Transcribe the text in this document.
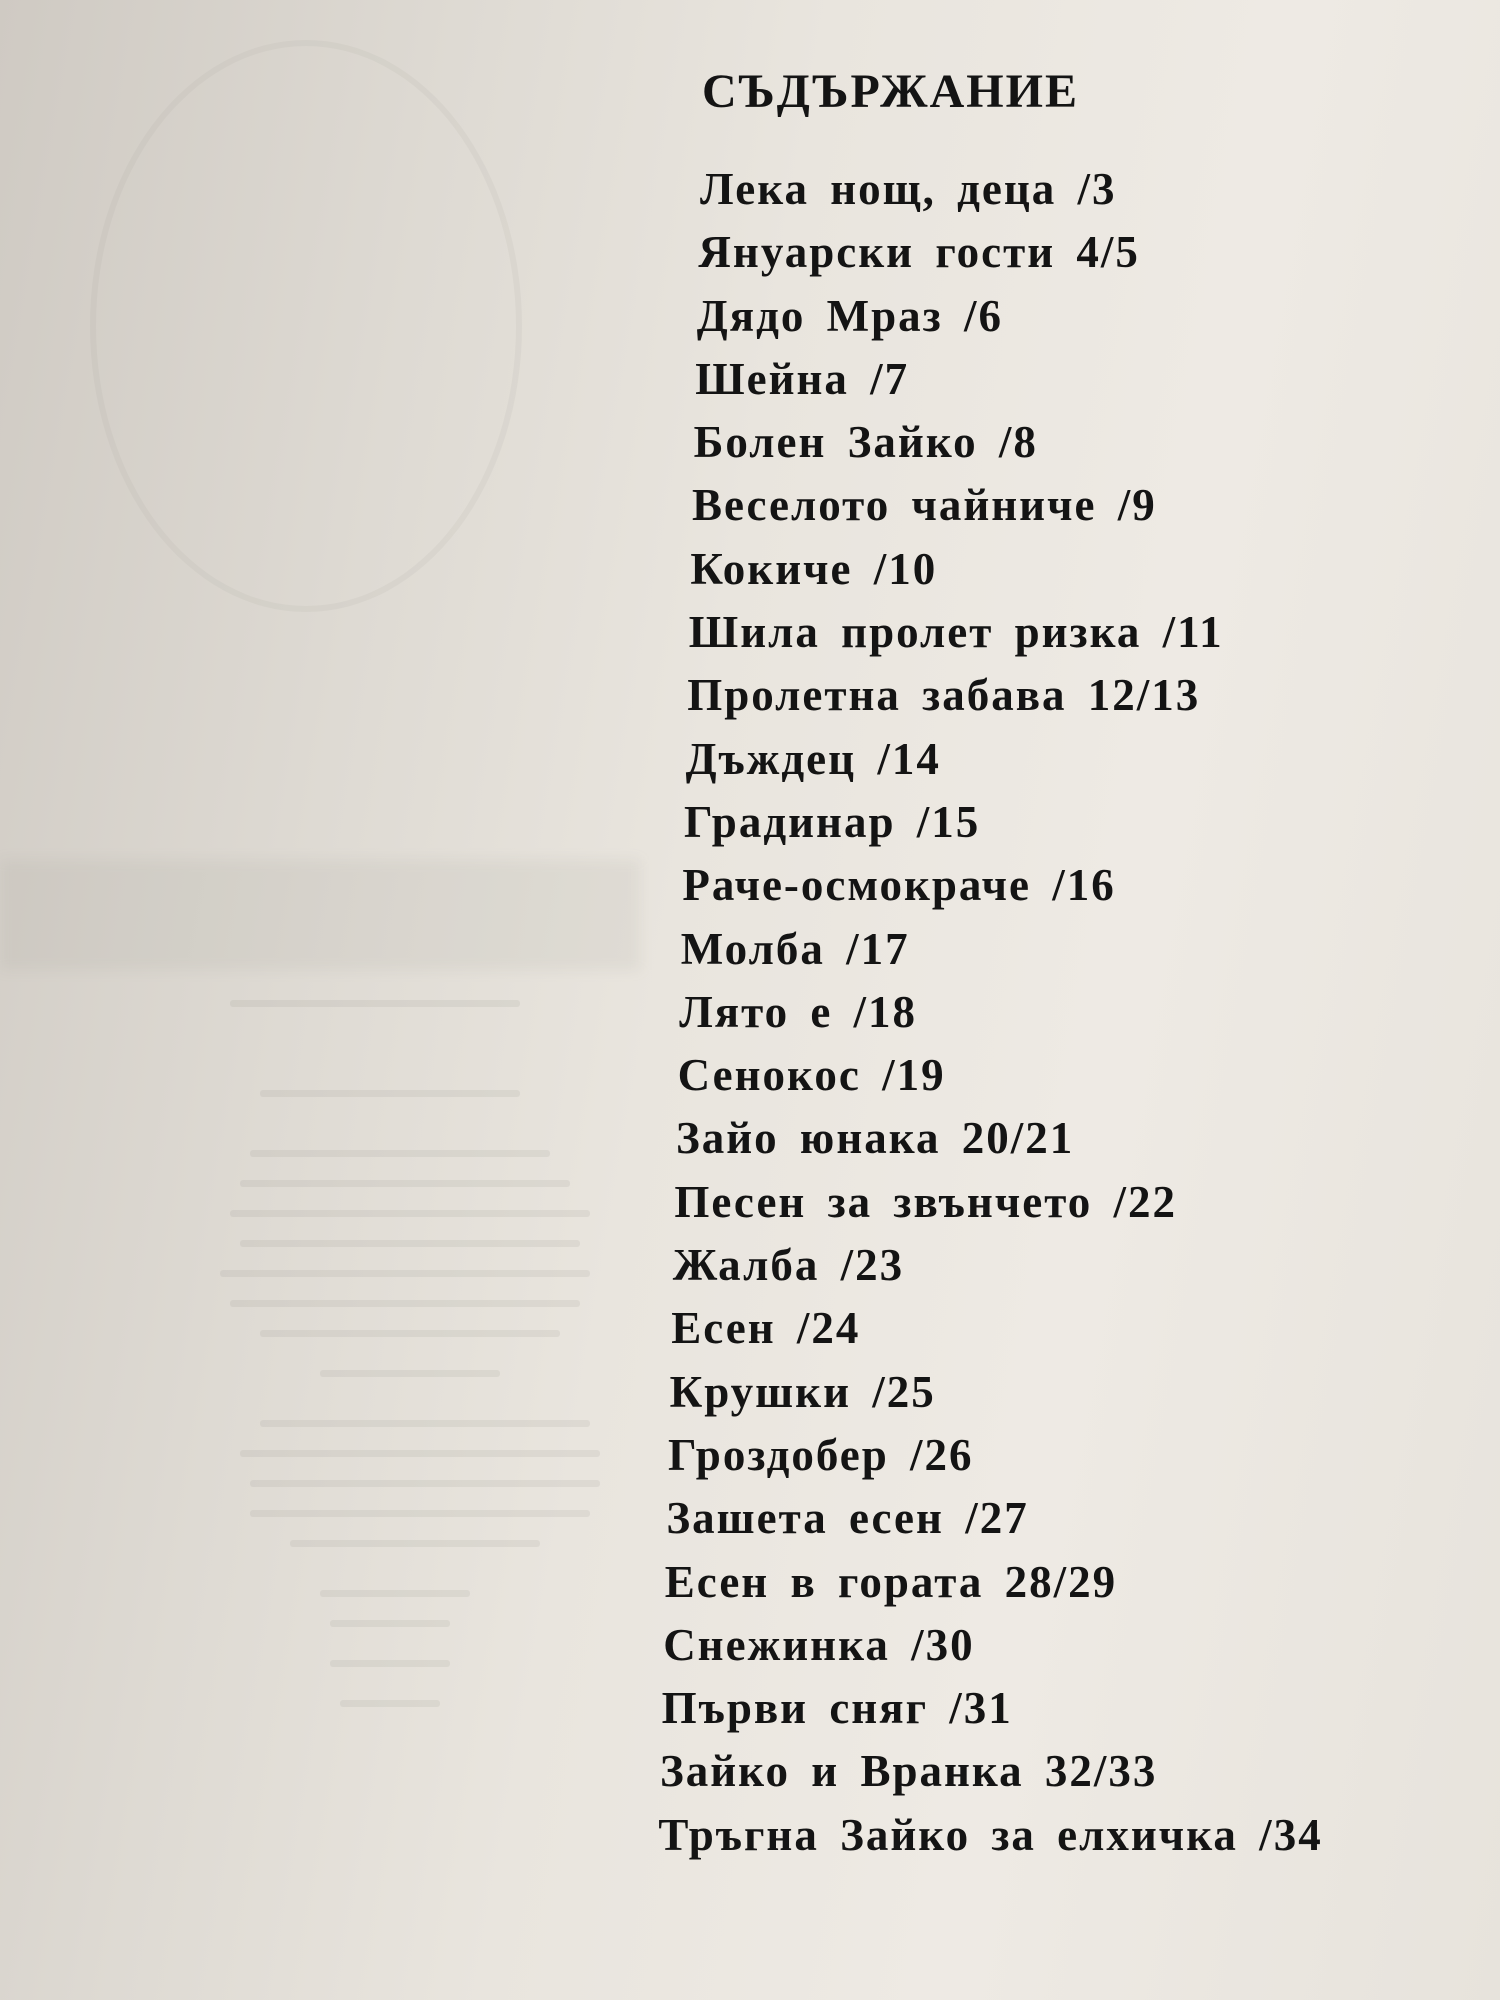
СЪДЪРЖАНИЕ
Лека нощ, деца /3
Януарски гости 4/5
Дядо Мраз /6
Шейна /7
Болен Зайко /8
Веселото чайниче /9
Кокиче /10
Шила пролет ризка /11
Пролетна забава 12/13
Дъждец /14
Градинар /15
Раче-осмокраче /16
Молба /17
Лято е /18
Сенокос /19
Зайо юнака 20/21
Песен за звънчето /22
Жалба /23
Есен /24
Крушки /25
Гроздобер /26
Зашета есен /27
Есен в гората 28/29
Снежинка /30
Първи сняг /31
Зайко и Вранка 32/33
Тръгна Зайко за елхичка /34
